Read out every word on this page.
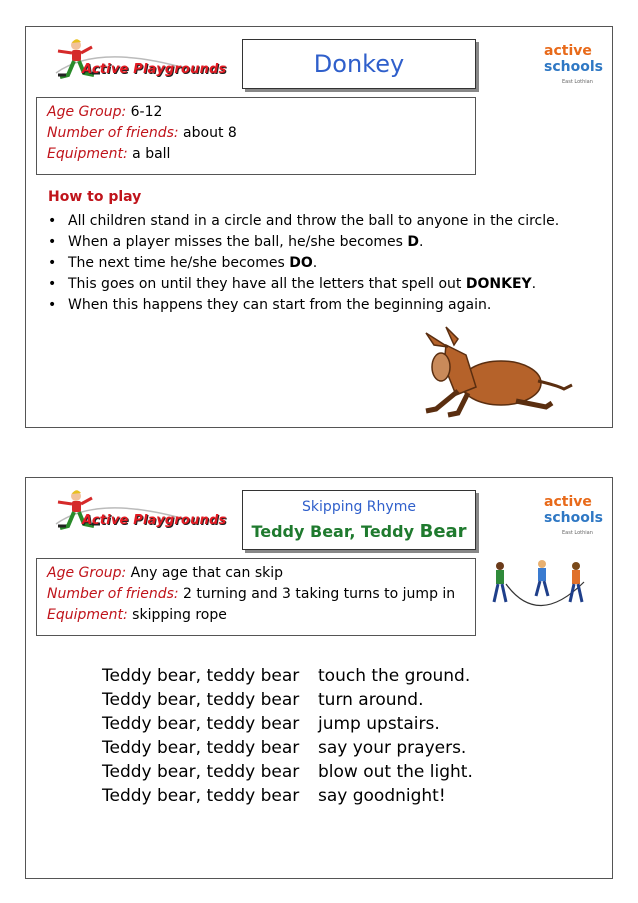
Active Playgrounds	Donkey	active
schools
East Lothian
Age Group: 6-12
Number of friends: about 8
Equipment: a ball
How to play
• All children stand in a circle and throw the ball to anyone in the circle.
• When a player misses the ball, he/she becomes D.
• The next time he/she becomes DO.
• This goes on until they have all the letters that spell out DONKEY.
• When this happens they can start from the beginning again.
Active Playgrounds
Skipping Rhyme
Teddy Bear, Teddy Bear
active
schools
East Lothian
Age Group: Any age that can skip
Number of friends: 2 turning and 3 taking turns to jump in
Equipment: skipping rope
Teddy bear, teddy bear	touch the ground.
Teddy bear, teddy bear	turn around.
Teddy bear, teddy bear	jump upstairs.
Teddy bear, teddy bear	say your prayers.
Teddy bear, teddy bear	blow out the light.
Teddy bear, teddy bear	say goodnight!
